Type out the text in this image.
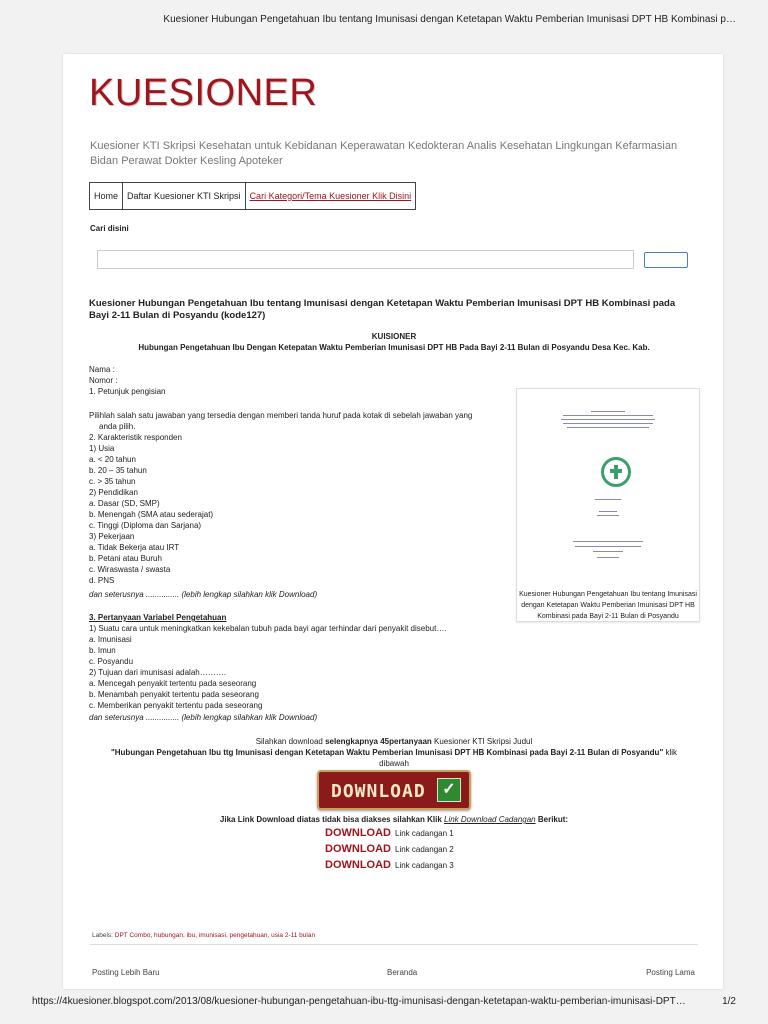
Kuesioner Hubungan Pengetahuan Ibu tentang Imunisasi dengan Ketetapan Waktu Pemberian Imunisasi DPT HB Kombinasi p…
KUESIONER
Kuesioner KTI Skripsi Kesehatan untuk Kebidanan Keperawatan Kedokteran Analis Kesehatan Lingkungan Kefarmasian Bidan Perawat Dokter Kesling Apoteker
Home	Daftar Kuesioner KTI Skripsi	Cari Kategori/Tema Kuesioner Klik Disini
Cari disini
Kuesioner Hubungan Pengetahuan Ibu tentang Imunisasi dengan Ketetapan Waktu Pemberian Imunisasi DPT HB Kombinasi pada Bayi 2-11 Bulan di Posyandu (kode127)
KUISIONER
Hubungan Pengetahuan Ibu Dengan Ketepatan Waktu Pemberian Imunisasi DPT HB Pada Bayi 2-11 Bulan di Posyandu Desa Kec. Kab.
Nama :
Nomor :
1. Petunjuk pengisian
Pilihlah salah satu jawaban yang tersedia dengan memberi tanda huruf pada kotak di sebelah jawaban yang
anda pilih.
2. Karakteristik responden
1) Usia
a. < 20 tahun
b. 20 – 35 tahun
c. > 35 tahun
2) Pendidikan
a. Dasar (SD, SMP)
b. Menengah (SMA atau sederajat)
c. Tinggi (Diploma dan Sarjana)
3) Pekerjaan
a. Tidak Bekerja atau IRT
b. Petani atau Buruh
c. Wiraswasta / swasta
d. PNS
dan seterusnya ............... (lebih lengkap silahkan klik Download)
3. Pertanyaan Variabel Pengetahuan
1) Suatu cara untuk meningkatkan kekebalan tubuh pada bayi agar terhindar dari penyakit disebut….
a. Imunisasi
b. Imun
c. Posyandu
2) Tujuan dari imunisasi adalah……….
a. Mencegah penyakit tertentu pada seseorang
b. Menambah penyakit tertentu pada seseorang
c. Memberikan penyakit tertentu pada seseorang
dan seterusnya ............... (lebih lengkap silahkan klik Download)
Kuesioner Hubungan Pengetahuan Ibu tentang Imunisasi dengan Ketetapan Waktu Pemberian Imunisasi DPT HB Kombinasi pada Bayi 2-11 Bulan di Posyandu
Silahkan download selengkapnya 45pertanyaan Kuesioner KTI Skripsi Judul
"Hubungan Pengetahuan Ibu ttg Imunisasi dengan Ketetapan Waktu Pemberian Imunisasi DPT HB Kombinasi pada Bayi 2-11 Bulan di Posyandu" klik
dibawah
DOWNLOAD	✓
Jika Link Download diatas tidak bisa diakses silahkan Klik Link Download Cadangan Berikut:
DOWNLOAD Link cadangan 1
DOWNLOAD Link cadangan 2
DOWNLOAD Link cadangan 3
Labels: DPT Combo, hubungan, ibu, imunisasi, pengetahuan, usia 2-11 bulan
Posting Lebih Baru	Beranda	Posting Lama
https://4kuesioner.blogspot.com/2013/08/kuesioner-hubungan-pengetahuan-ibu-ttg-imunisasi-dengan-ketetapan-waktu-pemberian-imunisasi-DPT…	1/2
